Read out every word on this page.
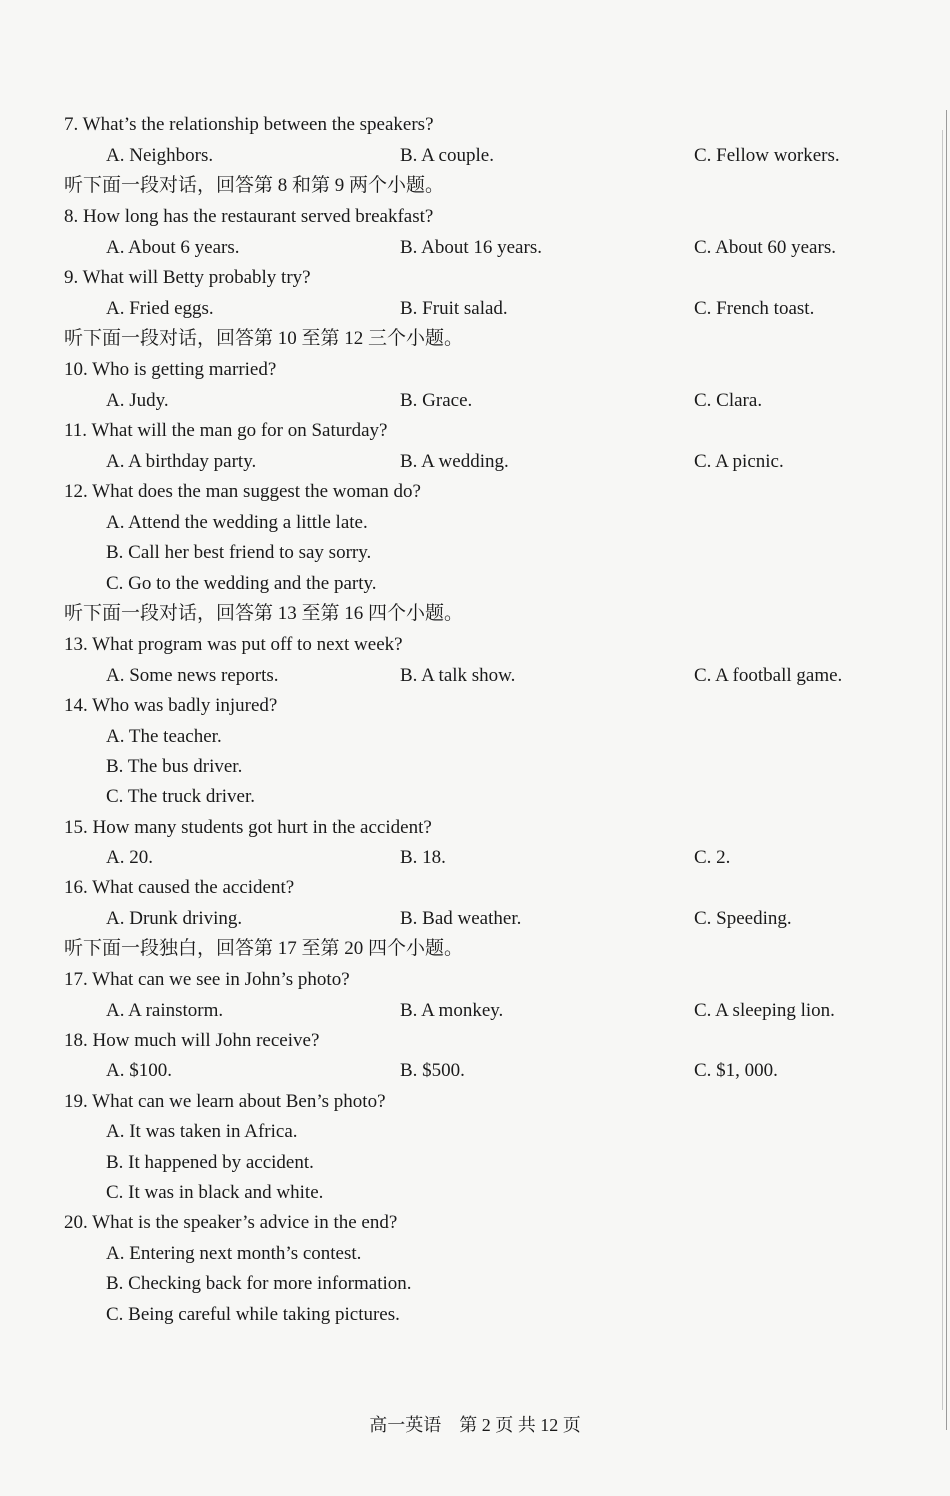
7. What’s the relationship between the speakers?
A. Neighbors.	B. A couple.	C. Fellow workers.
听下面一段对话，回答第 8 和第 9 两个小题。
8. How long has the restaurant served breakfast?
A. About 6 years.	B. About 16 years.	C. About 60 years.
9. What will Betty probably try?
A. Fried eggs.	B. Fruit salad.	C. French toast.
听下面一段对话，回答第 10 至第 12 三个小题。
10. Who is getting married?
A. Judy.	B. Grace.	C. Clara.
11. What will the man go for on Saturday?
A. A birthday party.	B. A wedding.	C. A picnic.
12. What does the man suggest the woman do?
A. Attend the wedding a little late.
B. Call her best friend to say sorry.
C. Go to the wedding and the party.
听下面一段对话，回答第 13 至第 16 四个小题。
13. What program was put off to next week?
A. Some news reports.	B. A talk show.	C. A football game.
14. Who was badly injured?
A. The teacher.
B. The bus driver.
C. The truck driver.
15. How many students got hurt in the accident?
A. 20.	B. 18.	C. 2.
16. What caused the accident?
A. Drunk driving.	B. Bad weather.	C. Speeding.
听下面一段独白，回答第 17 至第 20 四个小题。
17. What can we see in John’s photo?
A. A rainstorm.	B. A monkey.	C. A sleeping lion.
18. How much will John receive?
A. $100.	B. $500.	C. $1, 000.
19. What can we learn about Ben’s photo?
A. It was taken in Africa.
B. It happened by accident.
C. It was in black and white.
20. What is the speaker’s advice in the end?
A. Entering next month’s contest.
B. Checking back for more information.
C. Being careful while taking pictures.
高一英语　第 2 页 共 12 页
